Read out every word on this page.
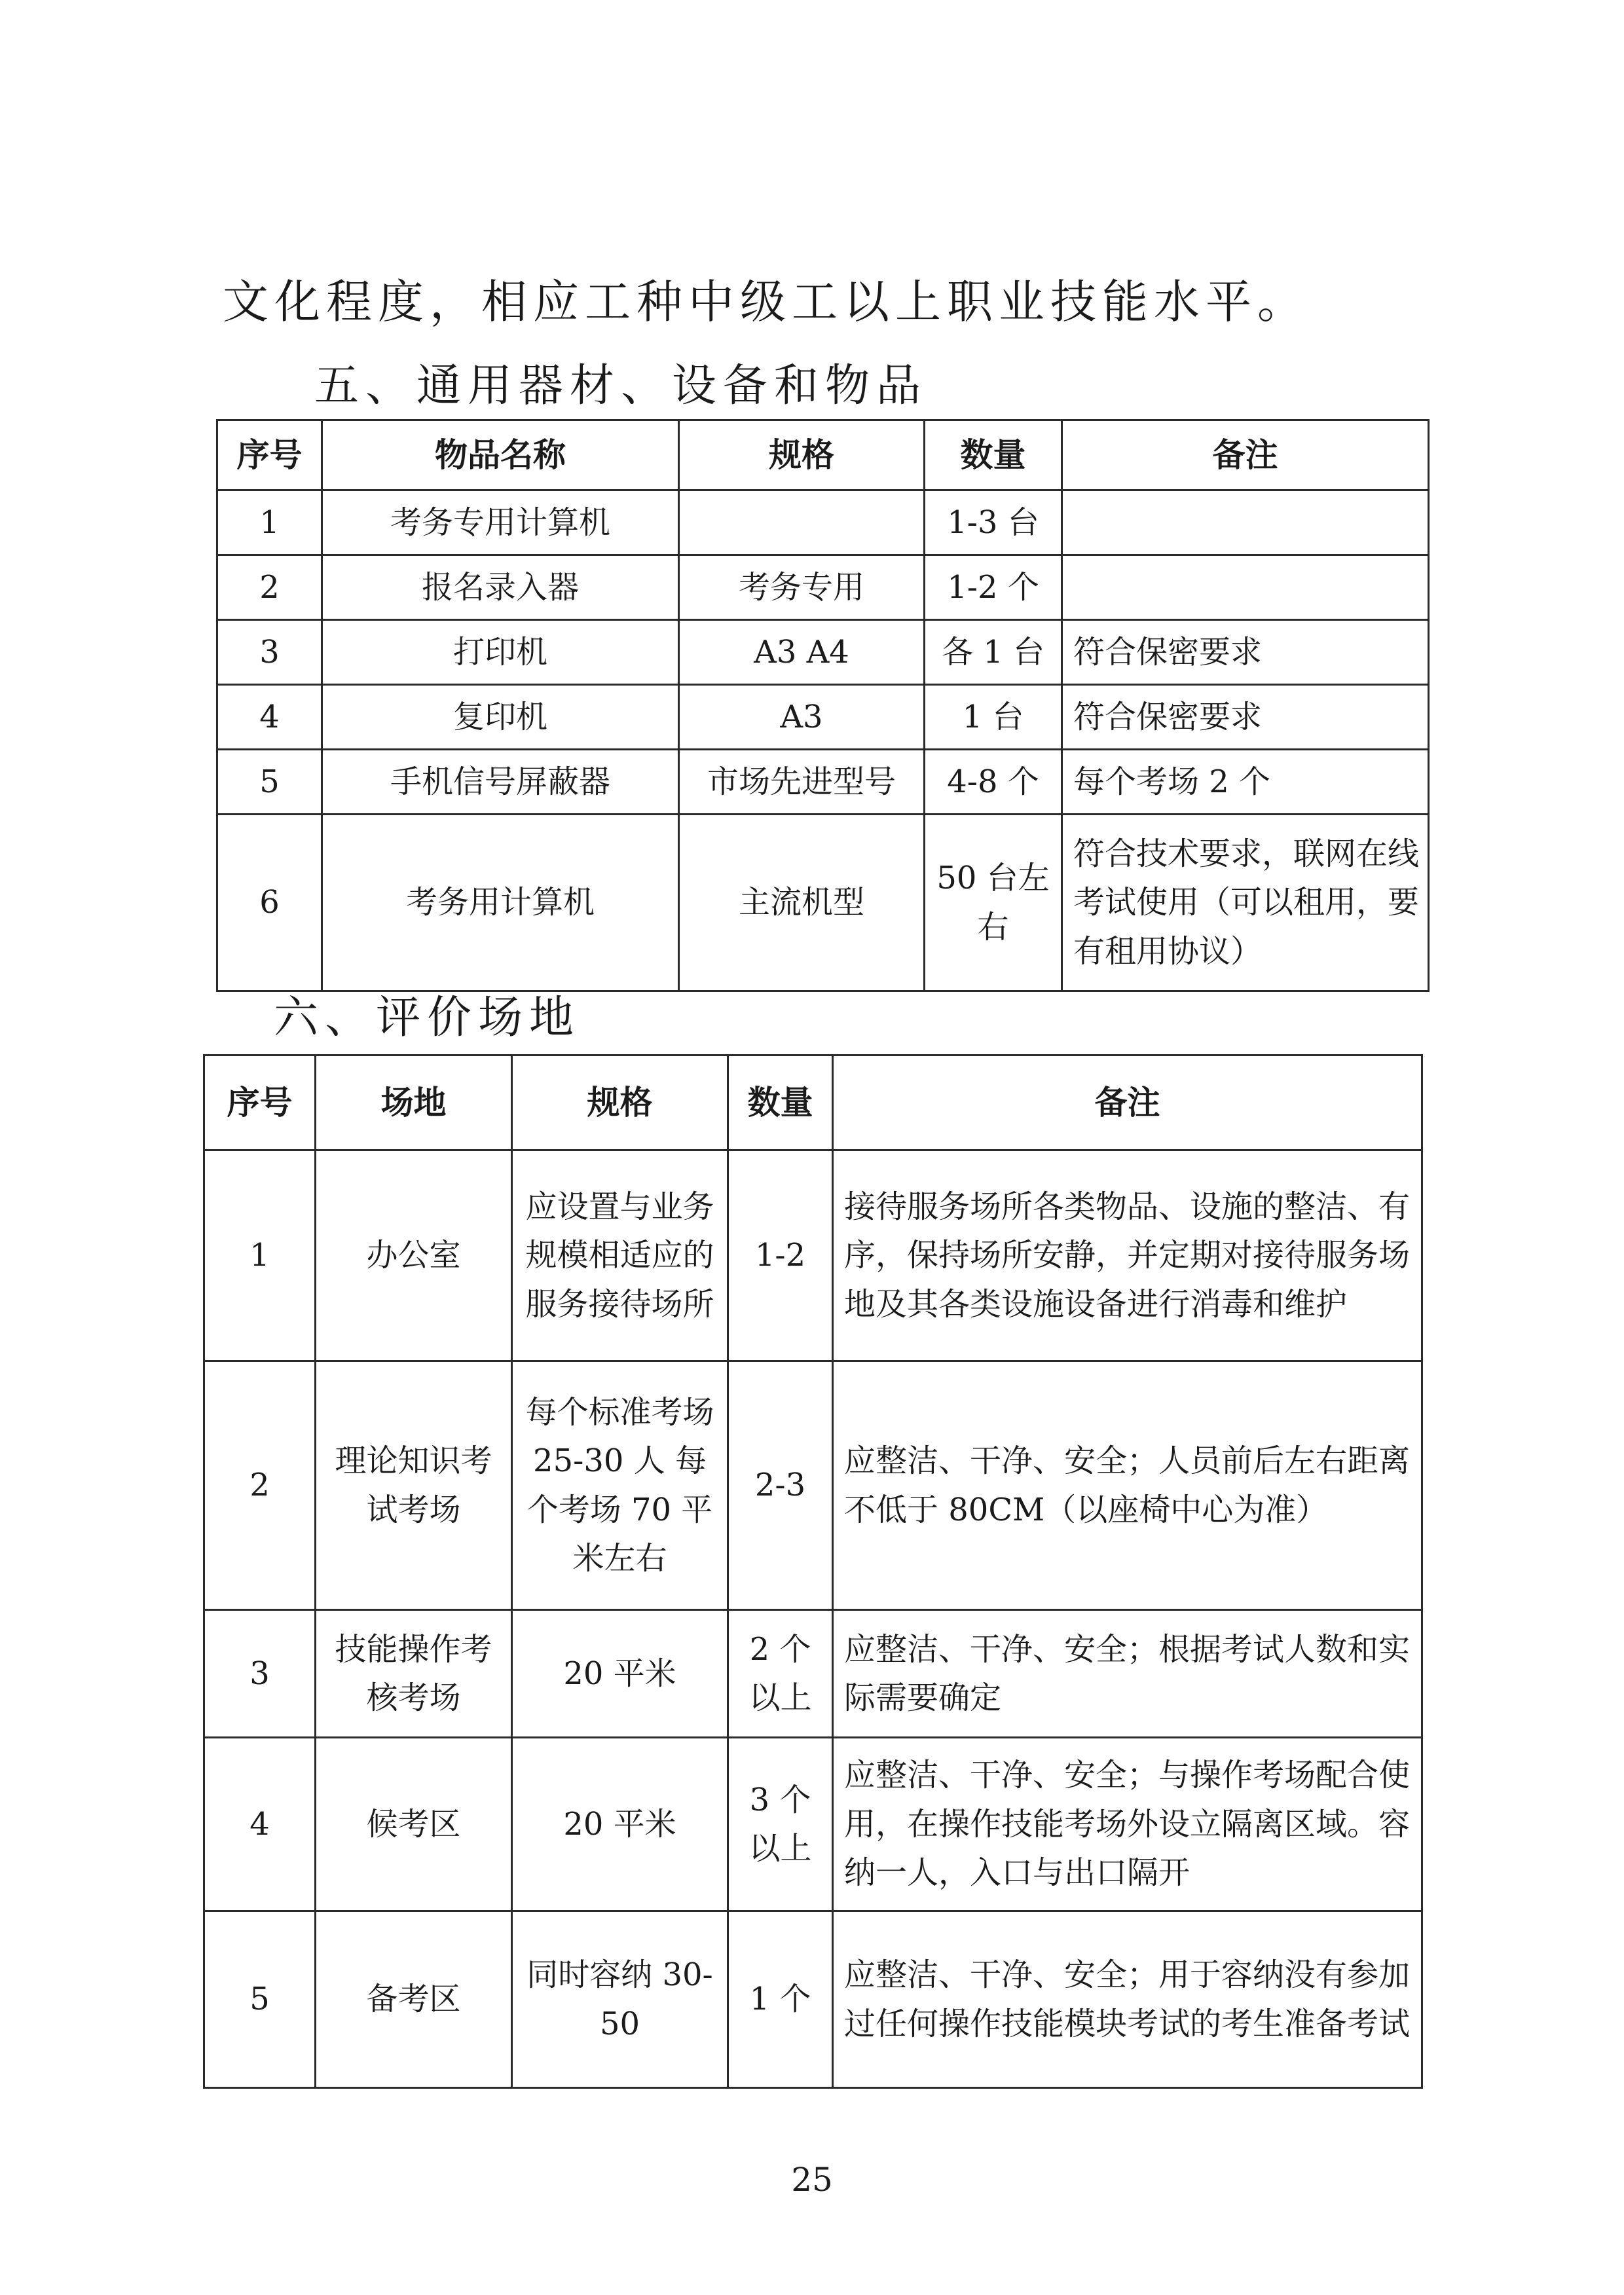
文化程度，相应工种中级工以上职业技能水平。
五、通用器材、设备和物品
序号	物品名称	规格	数量	备注
1	考务专用计算机		1-3 台	
2	报名录入器	考务专用	1-2 个	
3	打印机	A3 A4	各 1 台	符合保密要求
4	复印机	A3	1 台	符合保密要求
5	手机信号屏蔽器	市场先进型号	4-8 个	每个考场 2 个
6	考务用计算机	主流机型	50 台左右	符合技术要求，联网在线考试使用（可以租用，要有租用协议）
六、评价场地
序号	场地	规格	数量	备注
1	办公室	应设置与业务规模相适应的服务接待场所	1-2	接待服务场所各类物品、设施的整洁、有序，保持场所安静，并定期对接待服务场地及其各类设施设备进行消毒和维护
2	理论知识考试考场	每个标准考场 25-30 人 每个考场 70 平米左右	2-3	应整洁、干净、安全；人员前后左右距离不低于 80CM（以座椅中心为准）
3	技能操作考核考场	20 平米	2 个以上	应整洁、干净、安全；根据考试人数和实际需要确定
4	候考区	20 平米	3 个以上	应整洁、干净、安全；与操作考场配合使用，在操作技能考场外设立隔离区域。容纳一人，入口与出口隔开
5	备考区	同时容纳 30-50	1 个	应整洁、干净、安全；用于容纳没有参加过任何操作技能模块考试的考生准备考试
25
